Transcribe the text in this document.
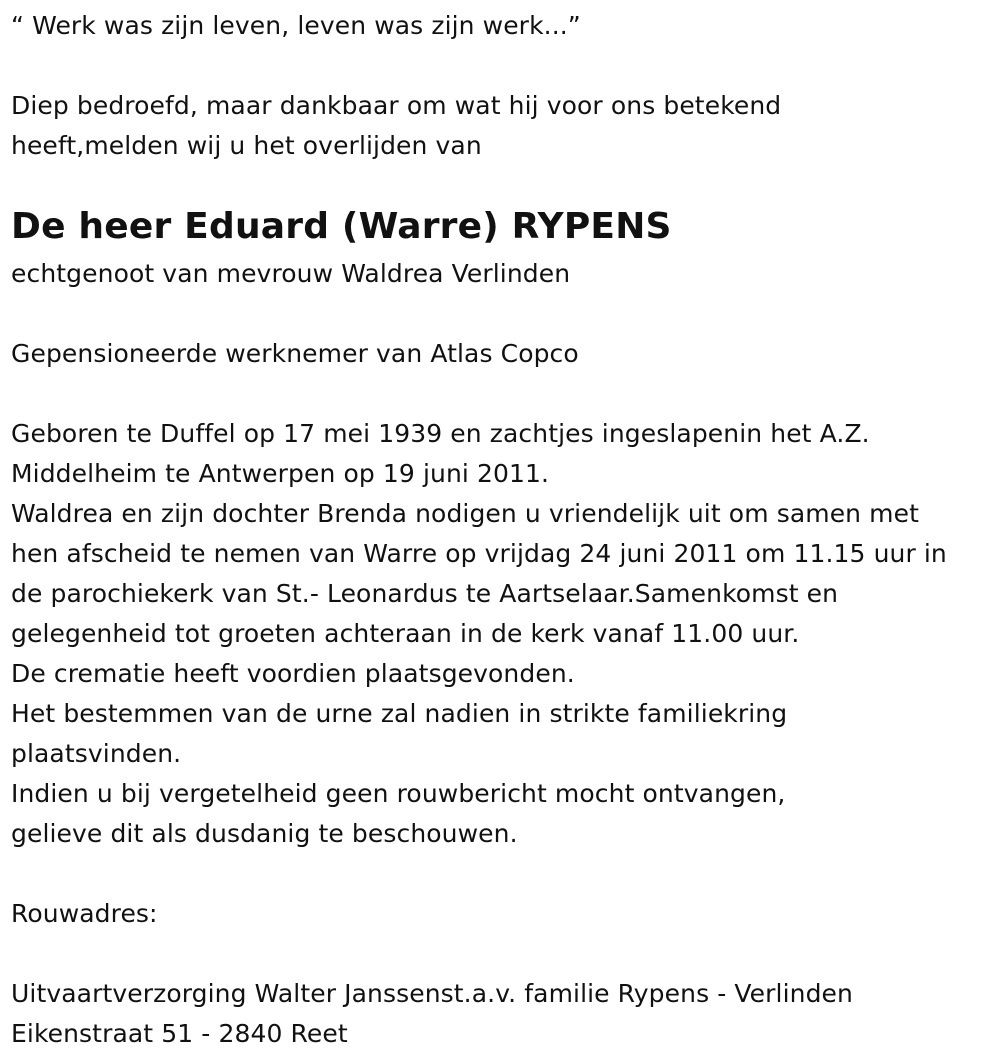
“ Werk was zijn leven, leven was zijn werk...”
Diep bedroefd, maar dankbaar om wat hij voor ons betekend
heeft,melden wij u het overlijden van
De heer Eduard (Warre) RYPENS
echtgenoot van mevrouw Waldrea Verlinden
Gepensioneerde werknemer van Atlas Copco
Geboren te Duffel op 17 mei 1939 en zachtjes ingeslapenin het A.Z.
Middelheim te Antwerpen op 19 juni 2011.
Waldrea en zijn dochter Brenda nodigen u vriendelijk uit om samen met
hen afscheid te nemen van Warre op vrijdag 24 juni 2011 om 11.15 uur in
de parochiekerk van St.- Leonardus te Aartselaar.Samenkomst en
gelegenheid tot groeten achteraan in de kerk vanaf 11.00 uur.
De crematie heeft voordien plaatsgevonden.
Het bestemmen van de urne zal nadien in strikte familiekring
plaatsvinden.
Indien u bij vergetelheid geen rouwbericht mocht ontvangen,
gelieve dit als dusdanig te beschouwen.
Rouwadres:
Uitvaartverzorging Walter Janssenst.a.v. familie Rypens - Verlinden
Eikenstraat 51 - 2840 Reet
